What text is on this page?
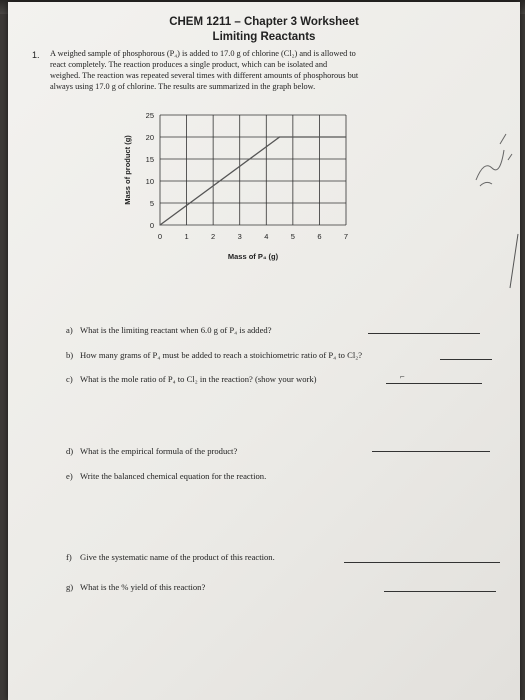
CHEM 1211 – Chapter 3 Worksheet
Limiting Reactants
1. A weighed sample of phosphorous (P₄) is added to 17.0 g of chlorine (Cl₂) and is allowed to
react completely. The reaction produces a single product, which can be isolated and
weighed. The reaction was repeated several times with different amounts of phosphorous but
always using 17.0 g of chlorine. The results are summarized in the graph below.
0	1	2	3	4	5	6	7
0
5
10
15
20
25
Mass of P₄ (g)
Mass of product (g)
a) What is the limiting reactant when 6.0 g of P₄ is added?
b) How many grams of P₄ must be added to reach a stoichiometric ratio of P₄ to Cl₂?
c) What is the mole ratio of P₄ to Cl₂ in the reaction? (show your work)	⌐
d) What is the empirical formula of the product?
e) Write the balanced chemical equation for the reaction.
f) Give the systematic name of the product of this reaction.
g) What is the % yield of this reaction?
